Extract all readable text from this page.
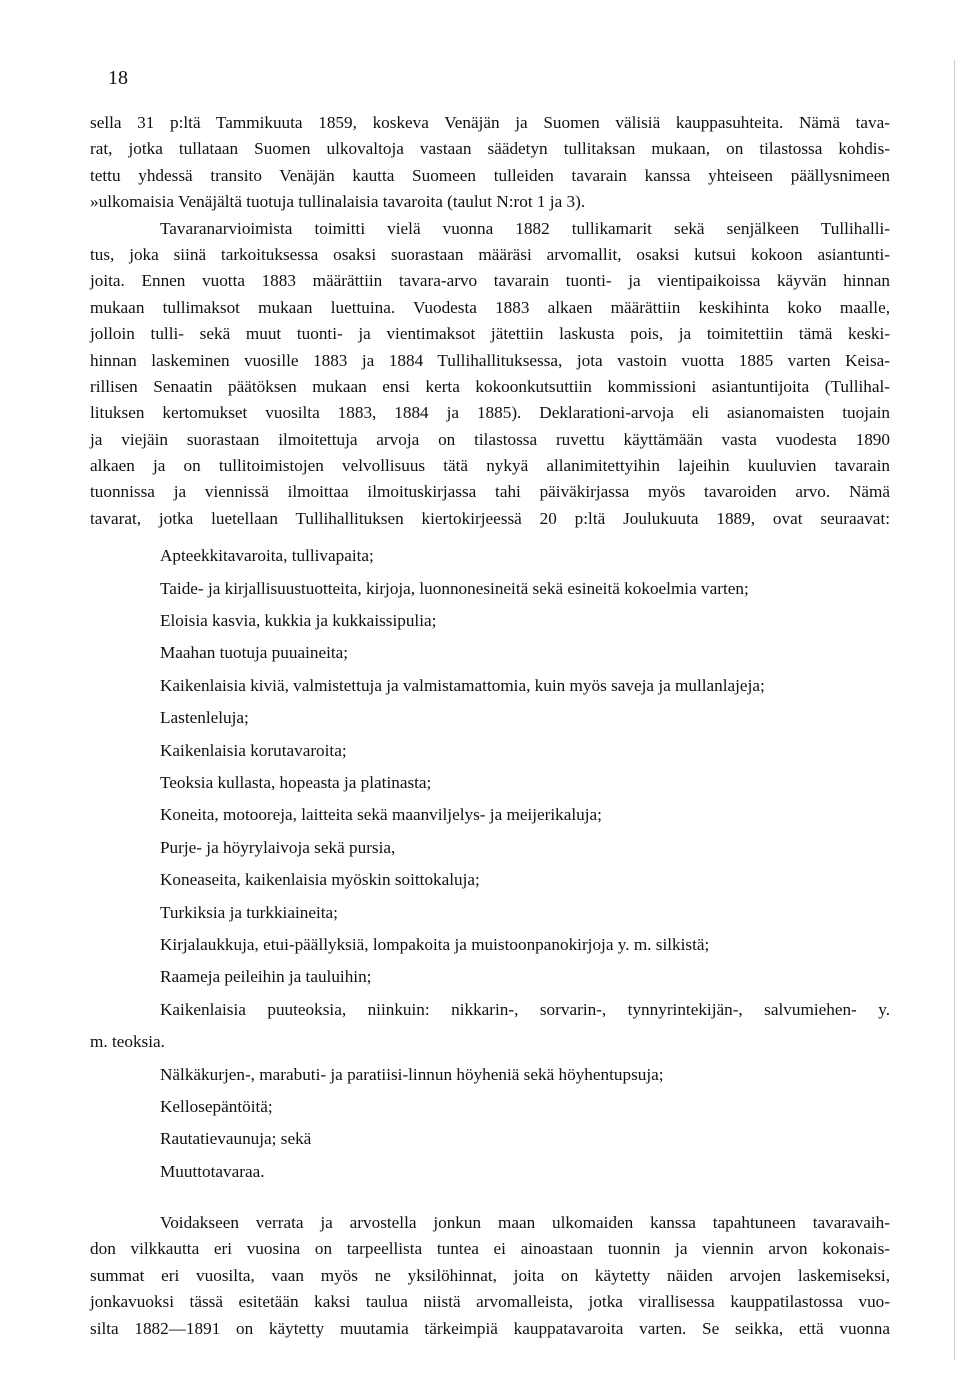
18
sella 31 p:ltä Tammikuuta 1859, koskeva Venäjän ja Suomen välisiä kauppasuhteita. Nämä tava-
rat, jotka tullataan Suomen ulkovaltoja vastaan säädetyn tullitaksan mukaan, on tilastossa kohdis-
tettu yhdessä transito Venäjän kautta Suomeen tulleiden tavarain kanssa yhteiseen päällysnimeen
»ulkomaisia Venäjältä tuotuja tullinalaisia tavaroita (taulut N:rot 1 ja 3).
Tavaranarvioimista toimitti vielä vuonna 1882 tullikamarit sekä senjälkeen Tullihalli-
tus, joka siinä tarkoituksessa osaksi suorastaan määräsi arvomallit, osaksi kutsui kokoon asiantunti-
joita. Ennen vuotta 1883 määrättiin tavara-arvo tavarain tuonti- ja vientipaikoissa käyvän hinnan
mukaan tullimaksot mukaan luettuina. Vuodesta 1883 alkaen määrättiin keskihinta koko maalle,
jolloin tulli- sekä muut tuonti- ja vientimaksot jätettiin laskusta pois, ja toimitettiin tämä keski-
hinnan laskeminen vuosille 1883 ja 1884 Tullihallituksessa, jota vastoin vuotta 1885 varten Keisa-
rillisen Senaatin päätöksen mukaan ensi kerta kokoonkutsuttiin kommissioni asiantuntijoita (Tullihal-
lituksen kertomukset vuosilta 1883, 1884 ja 1885). Deklarationi-arvoja eli asianomaisten tuojain
ja viejäin suorastaan ilmoitettuja arvoja on tilastossa ruvettu käyttämään vasta vuodesta 1890
alkaen ja on tullitoimistojen velvollisuus tätä nykyä allanimitettyihin lajeihin kuuluvien tavarain
tuonnissa ja viennissä ilmoittaa ilmoituskirjassa tahi päiväkirjassa myös tavaroiden arvo. Nämä
tavarat, jotka luetellaan Tullihallituksen kiertokirjeessä 20 p:ltä Joulukuuta 1889, ovat seuraavat:
Apteekkitavaroita, tullivapaita;
Taide- ja kirjallisuustuotteita, kirjoja, luonnonesineitä sekä esineitä kokoelmia varten;
Eloisia kasvia, kukkia ja kukkaissipulia;
Maahan tuotuja puuaineita;
Kaikenlaisia kiviä, valmistettuja ja valmistamattomia, kuin myös saveja ja mullanlajeja;
Lastenleluja;
Kaikenlaisia korutavaroita;
Teoksia kullasta, hopeasta ja platinasta;
Koneita, motooreja, laitteita sekä maanviljelys- ja meijerikaluja;
Purje- ja höyrylaivoja sekä pursia,
Koneaseita, kaikenlaisia myöskin soittokaluja;
Turkiksia ja turkkiaineita;
Kirjalaukkuja, etui-päällyksiä, lompakoita ja muistoonpanokirjoja y. m. silkistä;
Raameja peileihin ja tauluihin;
Kaikenlaisia puuteoksia, niinkuin: nikkarin-, sorvarin-, tynnyrintekijän-, salvumiehen- y.
m. teoksia.
Nälkäkurjen-, marabuti- ja paratiisi-linnun höyheniä sekä höyhentupsuja;
Kellosepäntöitä;
Rautatievaunuja; sekä
Muuttotavaraa.
Voidakseen verrata ja arvostella jonkun maan ulkomaiden kanssa tapahtuneen tavaravaih-
don vilkkautta eri vuosina on tarpeellista tuntea ei ainoastaan tuonnin ja viennin arvon kokonais-
summat eri vuosilta, vaan myös ne yksilöhinnat, joita on käytetty näiden arvojen laskemiseksi,
jonkavuoksi tässä esitetään kaksi taulua niistä arvomalleista, jotka virallisessa kauppatilastossa vuo-
silta 1882—1891 on käytetty muutamia tärkeimpiä kauppatavaroita varten. Se seikka, että vuonna
